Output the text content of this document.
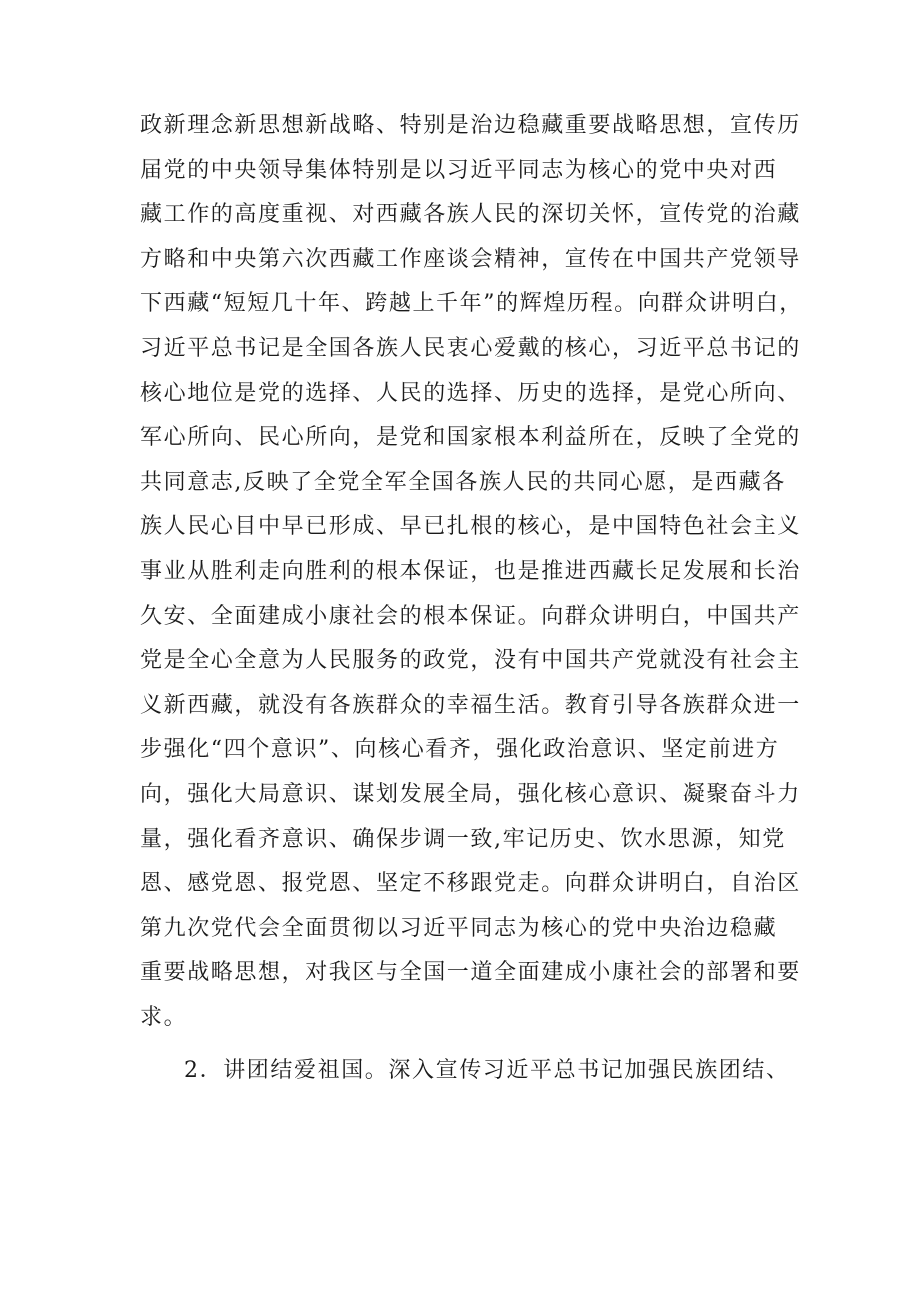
政新理念新思想新战略、特别是治边稳藏重要战略思想，宣传历
届党的中央领导集体特别是以习近平同志为核心的党中央对西
藏工作的高度重视、对西藏各族人民的深切关怀，宣传党的治藏
方略和中央第六次西藏工作座谈会精神，宣传在中国共产党领导
下西藏“短短几十年、跨越上千年”的辉煌历程。向群众讲明白，
习近平总书记是全国各族人民衷心爱戴的核心，习近平总书记的
核心地位是党的选择、人民的选择、历史的选择，是党心所向、
军心所向、民心所向，是党和国家根本利益所在，反映了全党的
共同意志,反映了全党全军全国各族人民的共同心愿，是西藏各
族人民心目中早已形成、早已扎根的核心，是中国特色社会主义
事业从胜利走向胜利的根本保证，也是推进西藏长足发展和长治
久安、全面建成小康社会的根本保证。向群众讲明白，中国共产
党是全心全意为人民服务的政党，没有中国共产党就没有社会主
义新西藏，就没有各族群众的幸福生活。教育引导各族群众进一
步强化“四个意识”、向核心看齐，强化政治意识、坚定前进方
向，强化大局意识、谋划发展全局，强化核心意识、凝聚奋斗力
量，强化看齐意识、确保步调一致,牢记历史、饮水思源，知党
恩、感党恩、报党恩、坚定不移跟党走。向群众讲明白，自治区
第九次党代会全面贯彻以习近平同志为核心的党中央治边稳藏
重要战略思想，对我区与全国一道全面建成小康社会的部署和要
求。
2．讲团结爱祖国。深入宣传习近平总书记加强民族团结、
